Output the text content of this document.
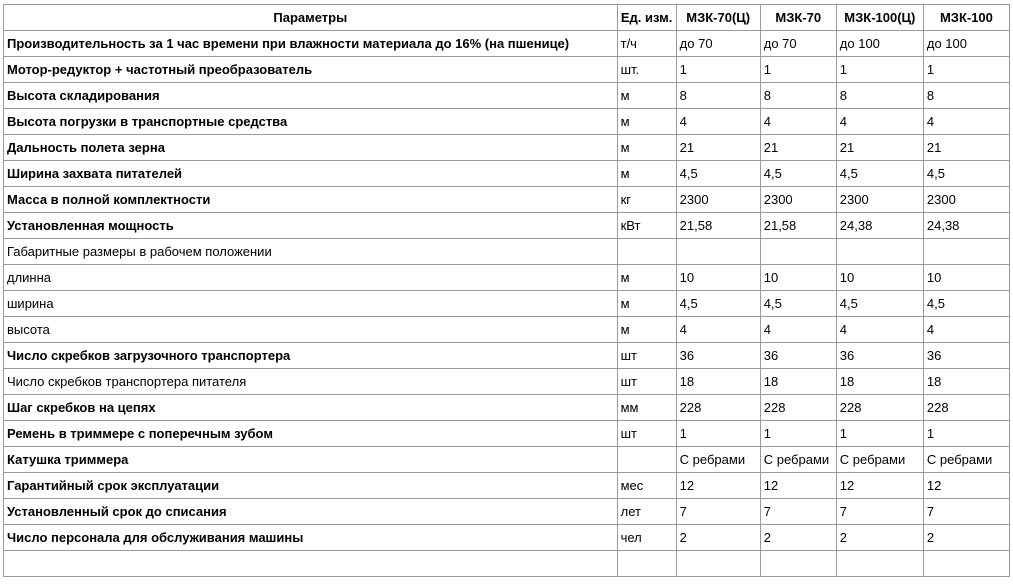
Параметры	Ед. изм.	МЗК-70(Ц)	МЗК-70	МЗК-100(Ц)	МЗК-100
Производительность за 1 час времени при влажности материала до 16% (на пшенице)	т/ч	до 70	до 70	до 100	до 100
Мотор-редуктор + частотный преобразователь	шт.	1	1	1	1
Высота складирования	м	8	8	8	8
Высота погрузки в транспортные средства	м	4	4	4	4
Дальность полета зерна	м	21	21	21	21
Ширина захвата питателей	м	4,5	4,5	4,5	4,5
Масса в полной комплектности	кг	2300	2300	2300	2300
Установленная мощность	кВт	21,58	21,58	24,38	24,38
Габаритные размеры в рабочем положении					
длинна	м	10	10	10	10
ширина	м	4,5	4,5	4,5	4,5
высота	м	4	4	4	4
Число скребков загрузочного транспортера	шт	36	36	36	36
Число скребков транспортера питателя	шт	18	18	18	18
Шаг скребков на цепях	мм	228	228	228	228
Ремень в триммере с поперечным зубом	шт	1	1	1	1
Катушка триммера		С ребрами	С ребрами	С ребрами	С ребрами
Гарантийный срок эксплуатации	мес	12	12	12	12
Установленный срок до списания	лет	7	7	7	7
Число персонала для обслуживания машины	чел	2	2	2	2
